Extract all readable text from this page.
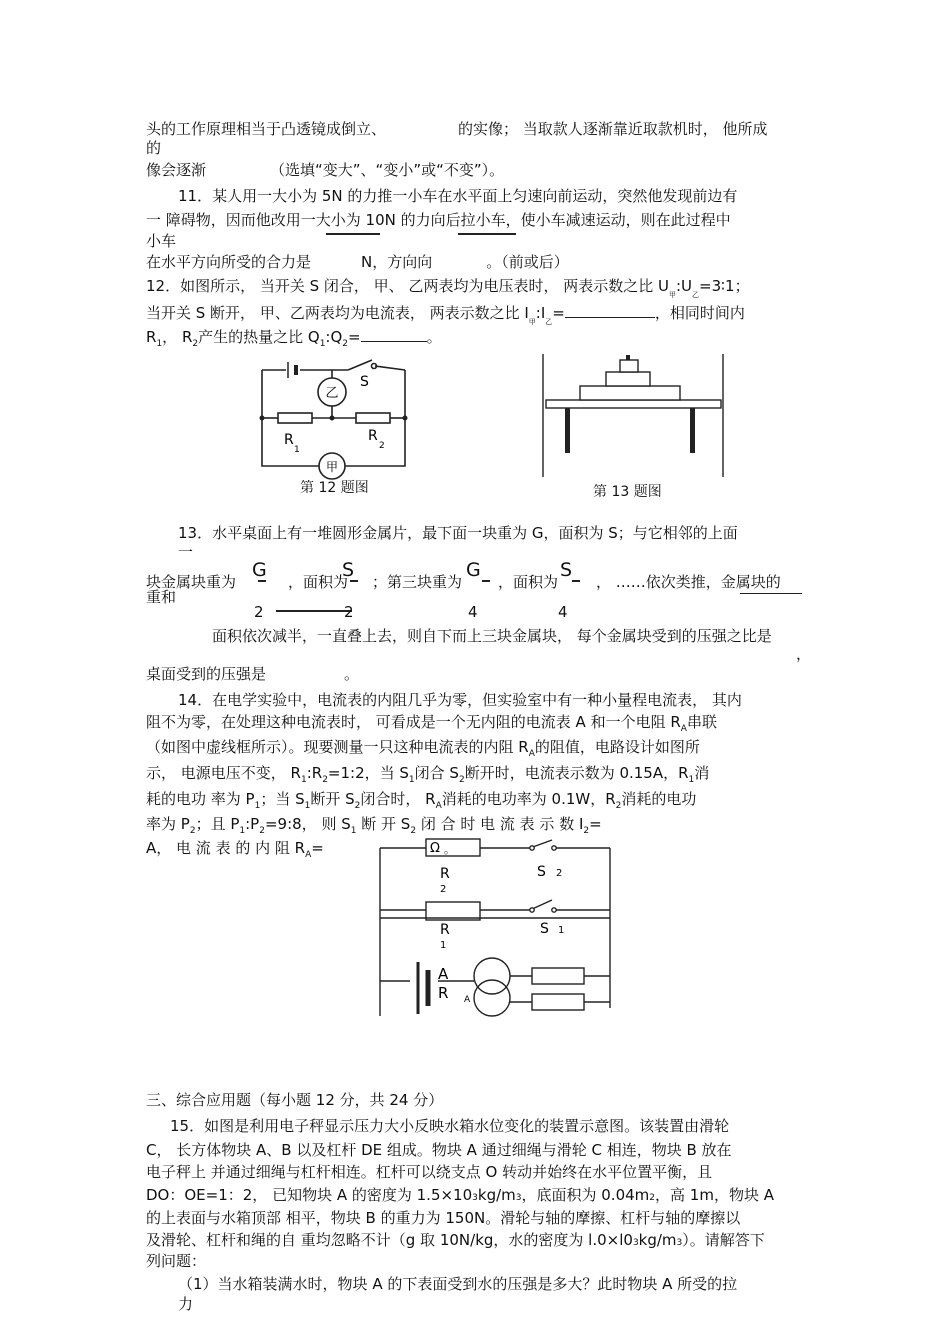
头的工作原理相当于凸透镜成倒立、	的实像； 当取款人逐渐靠近取款机时， 他所成
的
像会逐渐	（选填“变大”、“变小”或“不变”）。
11．某人用一大小为 5N 的力推一小车在水平面上匀速向前运动，突然他发现前边有
一 障碍物，因而他改用一大小为 10N 的力向后拉小车，使小车减速运动，则在此过程中
小车
在水平方向所受的合力是	N，方向向	。（前或后）
12．如图所示， 当开关 S 闭合， 甲、 乙两表均为电压表时， 两表示数之比 $U_甲:U_乙=3∶1$；
当开关 S 断开， 甲、乙两表均为电流表， 两表示数之比 $I_甲:I_乙=$	，相同时间内
$R_1$， $R_2$产生的热量之比 $Q_1:Q_2=$	。
乙
甲
S
R
1
R
2
第 12 题图	第 13 题图
13．水平桌面上有一堆圆形金属片，最下面一块重为 G，面积为 S；与它相邻的上面
一
块金属块重为
重和
，面积为 ；第三块重为 ，面积为	， ……依次类推，金属块的
G	S	G	S
2	2	4	4
面积依次减半，一直叠上去，则自下而上三块金属块， 每个金属块受到的压强之比是
，
桌面受到的压强是	。
14．在电学实验中，电流表的内阻几乎为零，但实验室中有一种小量程电流表， 其内
阻不为零，在处理这种电流表时， 可看成是一个无内阻的电流表 A 和一个电阻 $R_A$串联
（如图中虚线框所示）。现要测量一只这种电流表的内阻 $R_A$的阻值，电路设计如图所
示， 电源电压不变， $R_1:R_2=1:2$，当 $S_1$闭合 $S_2$断开时，电流表示数为 0.15A，$R_1$消
耗的电功 率为 $P_1$；当 $S_1$断开 $S_2$闭合时， $R_A$消耗的电功率为 0.1W，$R_2$消耗的电功
率为 $P_2$；且 $P_1:P_2=9:8$， 则 $S_1$ 断 开 $S_2$ 闭 合 时 电 流 表 示 数 $I_2=$
A， 电 流 表 的 内 阻 $R_A=$	Ω 。
R
2
S 2
R
1
S 1
A
R A
三、综合应用题（每小题 12 分，共 24 分）
15．如图是利用电子秤显示压力大小反映水箱水位变化的装置示意图。该装置由滑轮
C， 长方体物块 A、B 以及杠杆 DE 组成。物块 A 通过细绳与滑轮 C 相连，物块 B 放在
电子秤上 并通过细绳与杠杆相连。杠杆可以绕支点 O 转动并始终在水平位置平衡，且
DO：OE=1：2， 已知物块 A 的密度为 1.5×103kg/m3，底面积为 0.04m2，高 1m，物块 A
的上表面与水箱顶部 相平，物块 B 的重力为 150N。滑轮与轴的摩擦、杠杆与轴的摩擦以
及滑轮、杠杆和绳的自 重均忽略不计（g 取 10N/kg，水的密度为 l.0×l03kg/m3）。请解答下
列问题：
（1）当水箱装满水时，物块 A 的下表面受到水的压强是多大？此时物块 A 所受的拉
力
